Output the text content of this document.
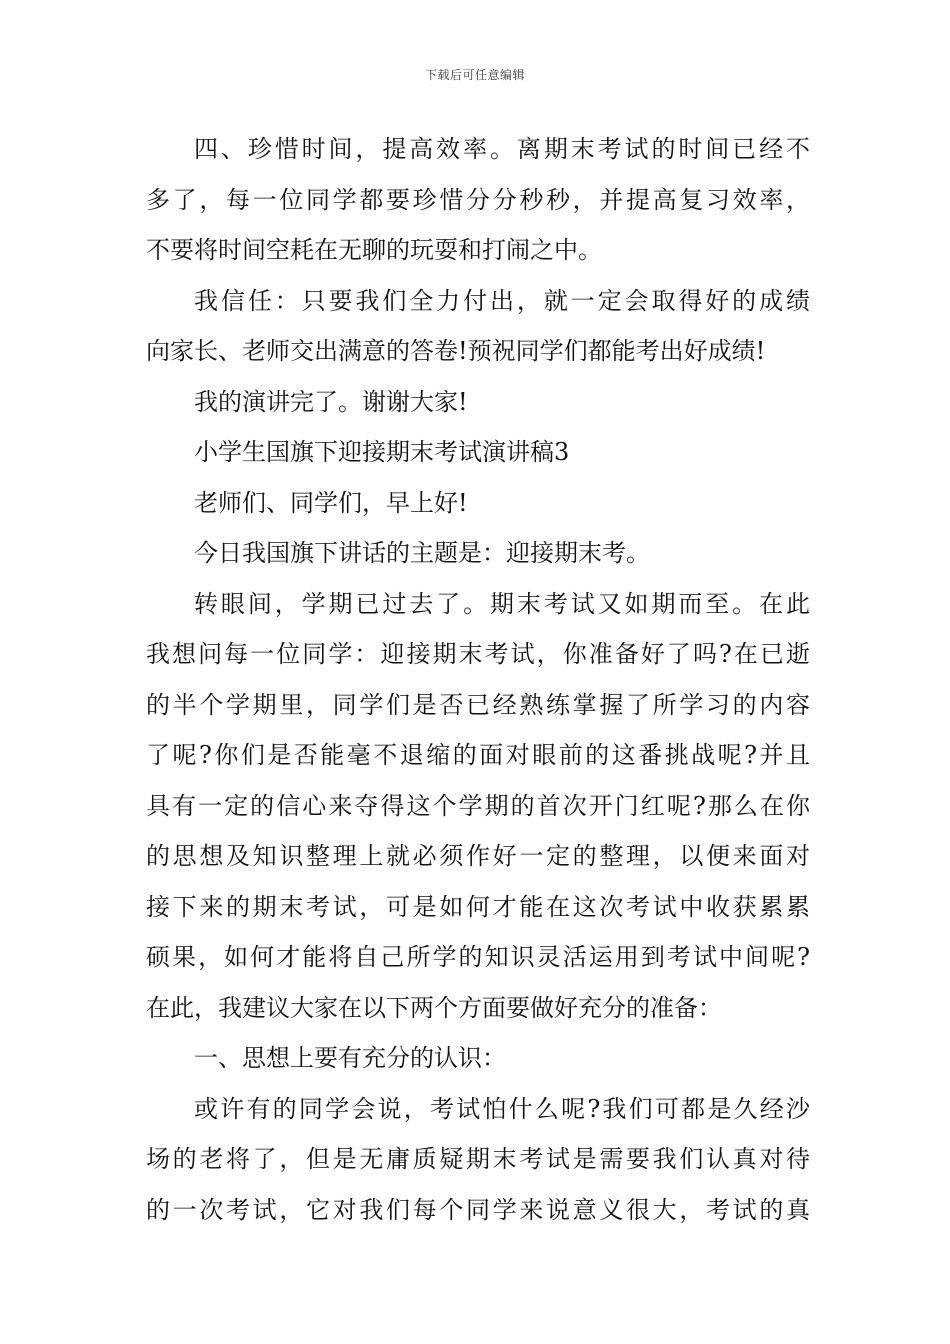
下载后可任意编辑
四、珍惜时间，提高效率。离期末考试的时间已经不
多了，每一位同学都要珍惜分分秒秒，并提高复习效率，
不要将时间空耗在无聊的玩耍和打闹之中。
我信任：只要我们全力付出，就一定会取得好的成绩
向家长、老师交出满意的答卷!预祝同学们都能考出好成绩!
我的演讲完了。谢谢大家!
小学生国旗下迎接期末考试演讲稿3
老师们、同学们，早上好!
今日我国旗下讲话的主题是：迎接期末考。
转眼间，学期已过去了。期末考试又如期而至。在此
我想问每一位同学：迎接期末考试，你准备好了吗?在已逝
的半个学期里，同学们是否已经熟练掌握了所学习的内容
了呢?你们是否能毫不退缩的面对眼前的这番挑战呢?并且
具有一定的信心来夺得这个学期的首次开门红呢?那么在你
的思想及知识整理上就必须作好一定的整理，以便来面对
接下来的期末考试，可是如何才能在这次考试中收获累累
硕果，如何才能将自己所学的知识灵活运用到考试中间呢?
在此，我建议大家在以下两个方面要做好充分的准备：
一、思想上要有充分的认识：
或许有的同学会说，考试怕什么呢?我们可都是久经沙
场的老将了，但是无庸质疑期末考试是需要我们认真对待
的一次考试，它对我们每个同学来说意义很大，考试的真
